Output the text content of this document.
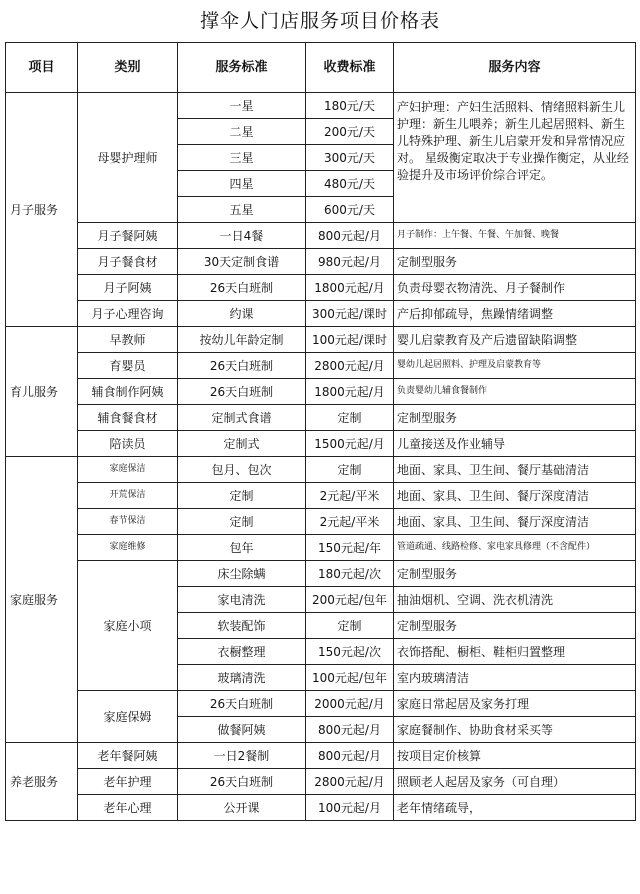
撑伞人门店服务项目价格表
项目	类别	服务标准	收费标准	服务内容
月子服务	母婴护理师	一星	180元/天	产妇护理：产妇生活照料、情绪照料新生儿护理：新生儿喂养；新生儿起居照料、新生儿特殊护理、新生儿启蒙开发和异常情况应对。 星级衡定取决于专业操作衡定，从业经验提升及市场评价综合评定。
		二星	200元/天	
		三星	300元/天	
		四星	480元/天	
		五星	600元/天	
	月子餐阿姨	一日4餐	800元起/月	月子制作：上午餐、午餐、午加餐、晚餐
	月子餐食材	30天定制食谱	980元起/月	定制型服务
	月子阿姨	26天白班制	1800元起/月	负责母婴衣物清洗、月子餐制作
	月子心理咨询	约课	300元起/课时	产后抑郁疏导，焦躁情绪调整
育儿服务	早教师	按幼儿年龄定制	100元起/课时	婴儿启蒙教育及产后遗留缺陷调整
	育婴员	26天白班制	2800元起/月	婴幼儿起居照料、护理及启蒙教育等
	辅食制作阿姨	26天白班制	1800元起/月	负责婴幼儿辅食餐制作
	辅食餐食材	定制式食谱	定制	定制型服务
	陪读员	定制式	1500元起/月	儿童接送及作业辅导
家庭服务	家庭保洁	包月、包次	定制	地面、家具、卫生间、餐厅基础清洁
	开荒保洁	定制	2元起/平米	地面、家具、卫生间、餐厅深度清洁
	春节保洁	定制	2元起/平米	地面、家具、卫生间、餐厅深度清洁
	家庭维修	包年	150元起/年	管道疏通、线路检修、家电家具修理（不含配件）
	家庭小项	床尘除螨	180元起/次	定制型服务
		家电清洗	200元起/包年	抽油烟机、空调、洗衣机清洗
		软装配饰	定制	定制型服务
		衣橱整理	150元起/次	衣饰搭配、橱柜、鞋柜归置整理
		玻璃清洗	100元起/包年	室内玻璃清洁
	家庭保姆	26天白班制	2000元起/月	家庭日常起居及家务打理
		做餐阿姨	800元起/月	家庭餐制作、协助食材采买等
养老服务	老年餐阿姨	一日2餐制	800元起/月	按项目定价核算
	老年护理	26天白班制	2800元起/月	照顾老人起居及家务（可自理）
	老年心理	公开课	100元起/月	老年情绪疏导，
